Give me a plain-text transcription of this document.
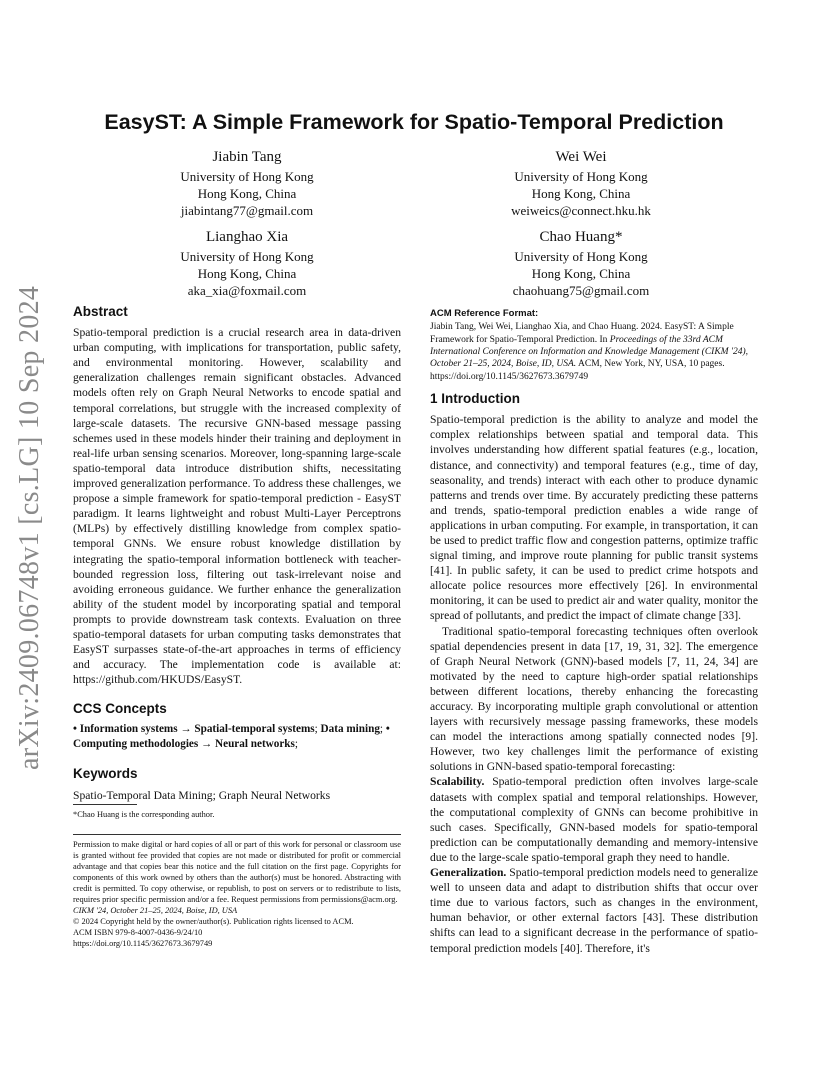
EasyST: A Simple Framework for Spatio-Temporal Prediction
Jiabin Tang
University of Hong Kong
Hong Kong, China
jiabintang77@gmail.com
Wei Wei
University of Hong Kong
Hong Kong, China
weiweics@connect.hku.hk
Lianghao Xia
University of Hong Kong
Hong Kong, China
aka_xia@foxmail.com
Chao Huang*
University of Hong Kong
Hong Kong, China
chaohuang75@gmail.com
arXiv:2409.06748v1 [cs.LG] 10 Sep 2024 Abstract

Spatio-temporal prediction is a crucial research area in data-driven urban computing, with implications for transportation, public safety, and environmental monitoring. However, scalability and generalization challenges remain significant obstacles. Advanced models often rely on Graph Neural Networks to encode spatial and temporal correlations, but struggle with the increased complexity of large-scale datasets. The recursive GNN-based message passing schemes used in these models hinder their training and deployment in real-life urban sensing scenarios. Moreover, long-spanning large-scale spatio-temporal data introduce distribution shifts, necessitating improved generalization performance. To address these challenges, we propose a simple framework for spatio-temporal prediction - EasyST paradigm. It learns lightweight and robust Multi-Layer Perceptrons (MLPs) by effectively distilling knowledge from complex spatio-temporal GNNs. We ensure robust knowledge distillation by integrating the spatio-temporal information bottleneck with teacher-bounded regression loss, filtering out task-irrelevant noise and avoiding erroneous guidance. We further enhance the generalization ability of the student model by incorporating spatial and temporal prompts to provide downstream task contexts. Evaluation on three spatio-temporal datasets for urban computing tasks demonstrates that EasyST surpasses state-of-the-art approaches in terms of efficiency and accuracy. The implementation code is available at: https://github.com/HKUDS/EasyST.

CCS Concepts
• Information systems → Spatial-temporal systems; Data mining; • Computing methodologies → Neural networks;
Keywords

Spatio-Temporal Data Mining; Graph Neural Networks

*Chao Huang is the corresponding author.

Permission to make digital or hard copies of all or part of this work for personal or classroom use is granted without fee provided that copies are not made or distributed for profit or commercial advantage and that copies bear this notice and the full citation on the first page. Copyrights for components of this work owned by others than the author(s) must be honored. Abstracting with credit is permitted. To copy otherwise, or republish, to post on servers or to redistribute to lists, requires prior specific permission and/or a fee. Request permissions from permissions@acm.org.

CIKM '24, October 21–25, 2024, Boise, ID, USA

© 2024 Copyright held by the owner/author(s). Publication rights licensed to ACM.

ACM ISBN 979-8-4007-0436-9/24/10

https://doi.org/10.1145/3627673.3679749

ACM Reference Format:
Jiabin Tang, Wei Wei, Lianghao Xia, and Chao Huang. 2024. EasyST: A Simple Framework for Spatio-Temporal Prediction. In Proceedings of the 33rd ACM International Conference on Information and Knowledge Management (CIKM '24), October 21–25, 2024, Boise, ID, USA. ACM, New York, NY, USA, 10 pages. https://doi.org/10.1145/3627673.3679749
1 Introduction

Spatio-temporal prediction is the ability to analyze and model the complex relationships between spatial and temporal data. This involves understanding how different spatial features (e.g., location, distance, and connectivity) and temporal features (e.g., time of day, seasonality, and trends) interact with each other to produce dynamic patterns and trends over time. By accurately predicting these patterns and trends, spatio-temporal prediction enables a wide range of applications in urban computing. For example, in transportation, it can be used to predict traffic flow and congestion patterns, optimize traffic signal timing, and improve route planning for public transit systems [41]. In public safety, it can be used to predict crime hotspots and allocate police resources more effectively [26]. In environmental monitoring, it can be used to predict air and water quality, monitor the spread of pollutants, and predict the impact of climate change [33].

Traditional spatio-temporal forecasting techniques often overlook spatial dependencies present in data [17, 19, 31, 32]. The emergence of Graph Neural Network (GNN)-based models [7, 11, 24, 34] are motivated by the need to capture high-order spatial relationships between different locations, thereby enhancing the forecasting accuracy. By incorporating multiple graph convolutional or attention layers with recursively message passing frameworks, these models can model the interactions among spatially connected nodes [9]. However, two key challenges limit the performance of existing solutions in GNN-based spatio-temporal forecasting:

Scalability. Spatio-temporal prediction often involves large-scale datasets with complex spatial and temporal relationships. However, the computational complexity of GNNs can become prohibitive in such cases. Specifically, GNN-based models for spatio-temporal prediction can be computationally demanding and memory-intensive due to the large-scale spatio-temporal graph they need to handle.

Generalization. Spatio-temporal prediction models need to generalize well to unseen data and adapt to distribution shifts that occur over time due to various factors, such as changes in the environment, human behavior, or other external factors [43]. These distribution shifts can lead to a significant decrease in the performance of spatio-temporal prediction models [40]. Therefore, it's
